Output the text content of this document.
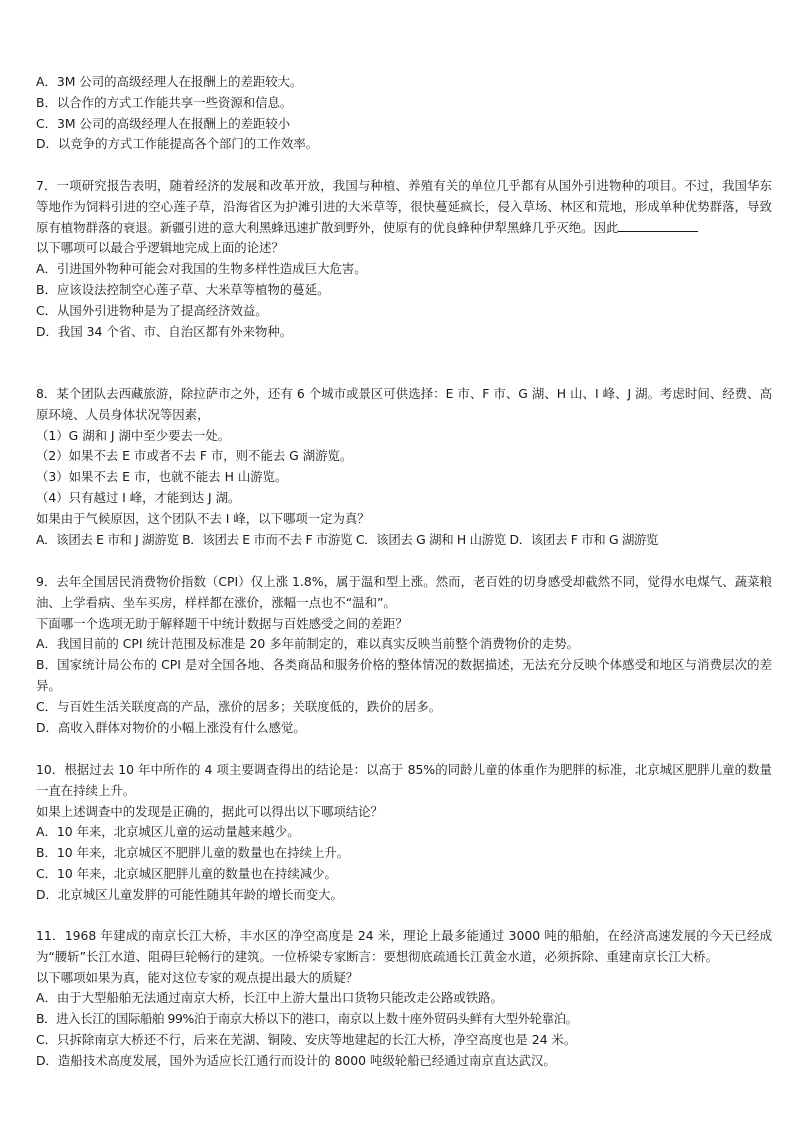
A．3M 公司的高级经理人在报酬上的差距较大。
B．以合作的方式工作能共享一些资源和信息。
C．3M 公司的高级经理人在报酬上的差距较小
D．以竞争的方式工作能提高各个部门的工作效率。
7．一项研究报告表明，随着经济的发展和改革开放，我国与种植、养殖有关的单位几乎都有从国外引进物种的项目。不过，我国华东等地作为饲料引进的空心莲子草，沿海省区为护滩引进的大米草等，很快蔓延疯长，侵入草场、林区和荒地，形成单种优势群落，导致原有植物群落的衰退。新疆引进的意大利黑蜂迅速扩散到野外，使原有的优良蜂种伊犁黑蜂几乎灭绝。因此
以下哪项可以最合乎逻辑地完成上面的论述？
A．引进国外物种可能会对我国的生物多样性造成巨大危害。
B．应该设法控制空心莲子草、大米草等植物的蔓延。
C．从国外引进物种是为了提高经济效益。
D．我国 34 个省、市、自治区都有外来物种。
8．某个团队去西藏旅游，除拉萨市之外，还有 6 个城市或景区可供选择：E 市、F 市、G 湖、H 山、I 峰、J 湖。考虑时间、经费、高原环境、人员身体状况等因素，
（1）G 湖和 J 湖中至少要去一处。
（2）如果不去 E 市或者不去 F 市，则不能去 G 湖游览。
（3）如果不去 E 市，也就不能去 H 山游览。
（4）只有越过 I 峰，才能到达 J 湖。
如果由于气候原因，这个团队不去 I 峰，以下哪项一定为真？
A．该团去 E 市和 J 湖游览 B．该团去 E 市而不去 F 市游览 C．该团去 G 湖和 H 山游览 D．该团去 F 市和 G 湖游览
9．去年全国居民消费物价指数（CPI）仅上涨 1.8%，属于温和型上涨。然而，老百姓的切身感受却截然不同，觉得水电煤气、蔬菜粮油、上学看病、坐车买房，样样都在涨价，涨幅一点也不“温和”。
下面哪一个选项无助于解释题干中统计数据与百姓感受之间的差距？
A．我国目前的 CPI 统计范围及标准是 20 多年前制定的，难以真实反映当前整个消费物价的走势。
B．国家统计局公布的 CPI 是对全国各地、各类商品和服务价格的整体情况的数据描述，无法充分反映个体感受和地区与消费层次的差异。
C．与百姓生活关联度高的产品，涨价的居多；关联度低的，跌价的居多。
D．高收入群体对物价的小幅上涨没有什么感觉。
10．根据过去 10 年中所作的 4 项主要调查得出的结论是：以高于 85%的同龄儿童的体重作为肥胖的标准，北京城区肥胖儿童的数量一直在持续上升。
如果上述调查中的发现是正确的，据此可以得出以下哪项结论？
A．10 年来，北京城区儿童的运动量越来越少。
B．10 年来，北京城区不肥胖儿童的数量也在持续上升。
C．10 年来，北京城区肥胖儿童的数量也在持续减少。
D．北京城区儿童发胖的可能性随其年龄的增长而变大。
11．1968 年建成的南京长江大桥，丰水区的净空高度是 24 米，理论上最多能通过 3000 吨的船舶，在经济高速发展的今天已经成为“腰斩”长江水道、阻碍巨轮畅行的建筑。一位桥梁专家断言：要想彻底疏通长江黄金水道，必须拆除、重建南京长江大桥。
以下哪项如果为真，能对这位专家的观点提出最大的质疑？
A．由于大型船舶无法通过南京大桥，长江中上游大量出口货物只能改走公路或铁路。
B．进入长江的国际船舶 99%泊于南京大桥以下的港口，南京以上数十座外贸码头鲜有大型外轮靠泊。
C．只拆除南京大桥还不行，后来在芜湖、铜陵、安庆等地建起的长江大桥，净空高度也是 24 米。
D．造船技术高度发展，国外为适应长江通行而设计的 8000 吨级轮船已经通过南京直达武汉。
